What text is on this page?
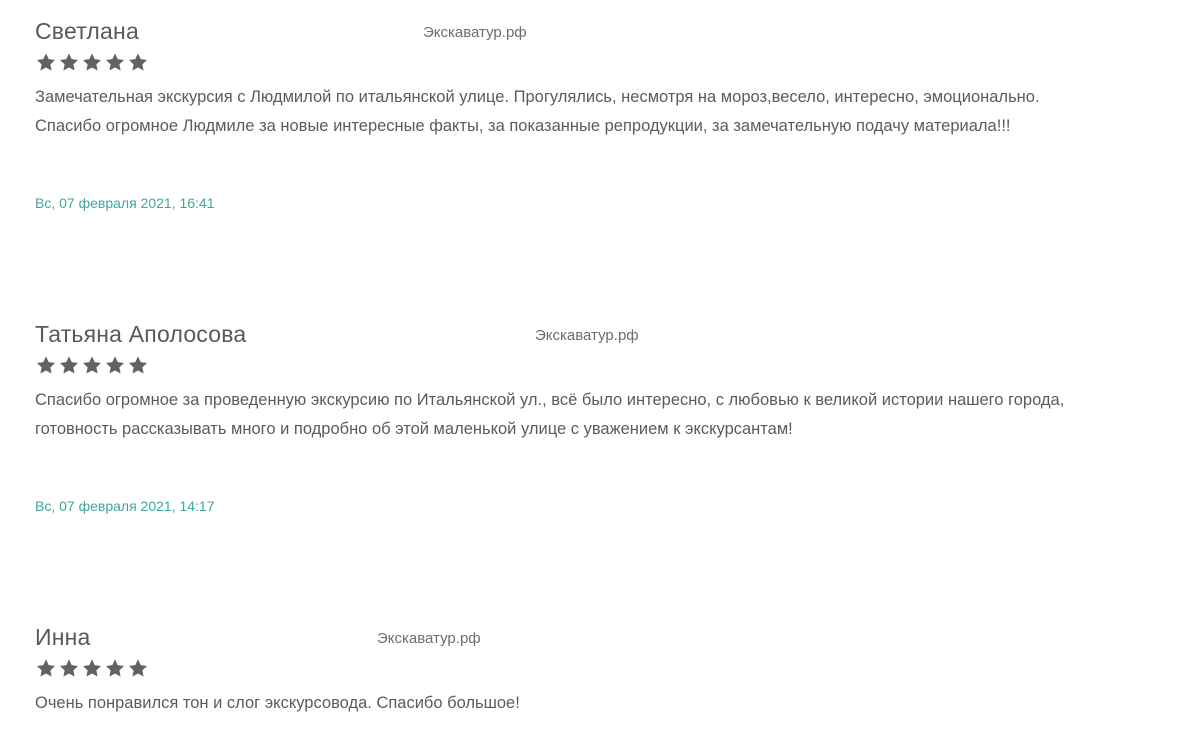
Светлана	Экскаватур.рф

Замечательная экскурсия с Людмилой по итальянской улице. Прогулялись, несмотря на мороз,весело, интересно, эмоционально.

Спасибо огромное Людмиле за новые интересные факты, за показанные репродукции, за замечательную подачу материала!!!

Вс, 07 февраля 2021, 16:41
Татьяна Аполосова	Экскаватур.рф

Спасибо огромное за проведенную экскурсию по Итальянской ул., всё было интересно, с любовью к великой истории нашего города,

готовность рассказывать много и подробно об этой маленькой улице с уважением к экскурсантам!

Вс, 07 февраля 2021, 14:17
Инна	Экскаватур.рф

Очень понравился тон и слог экскурсовода. Спасибо большое!
